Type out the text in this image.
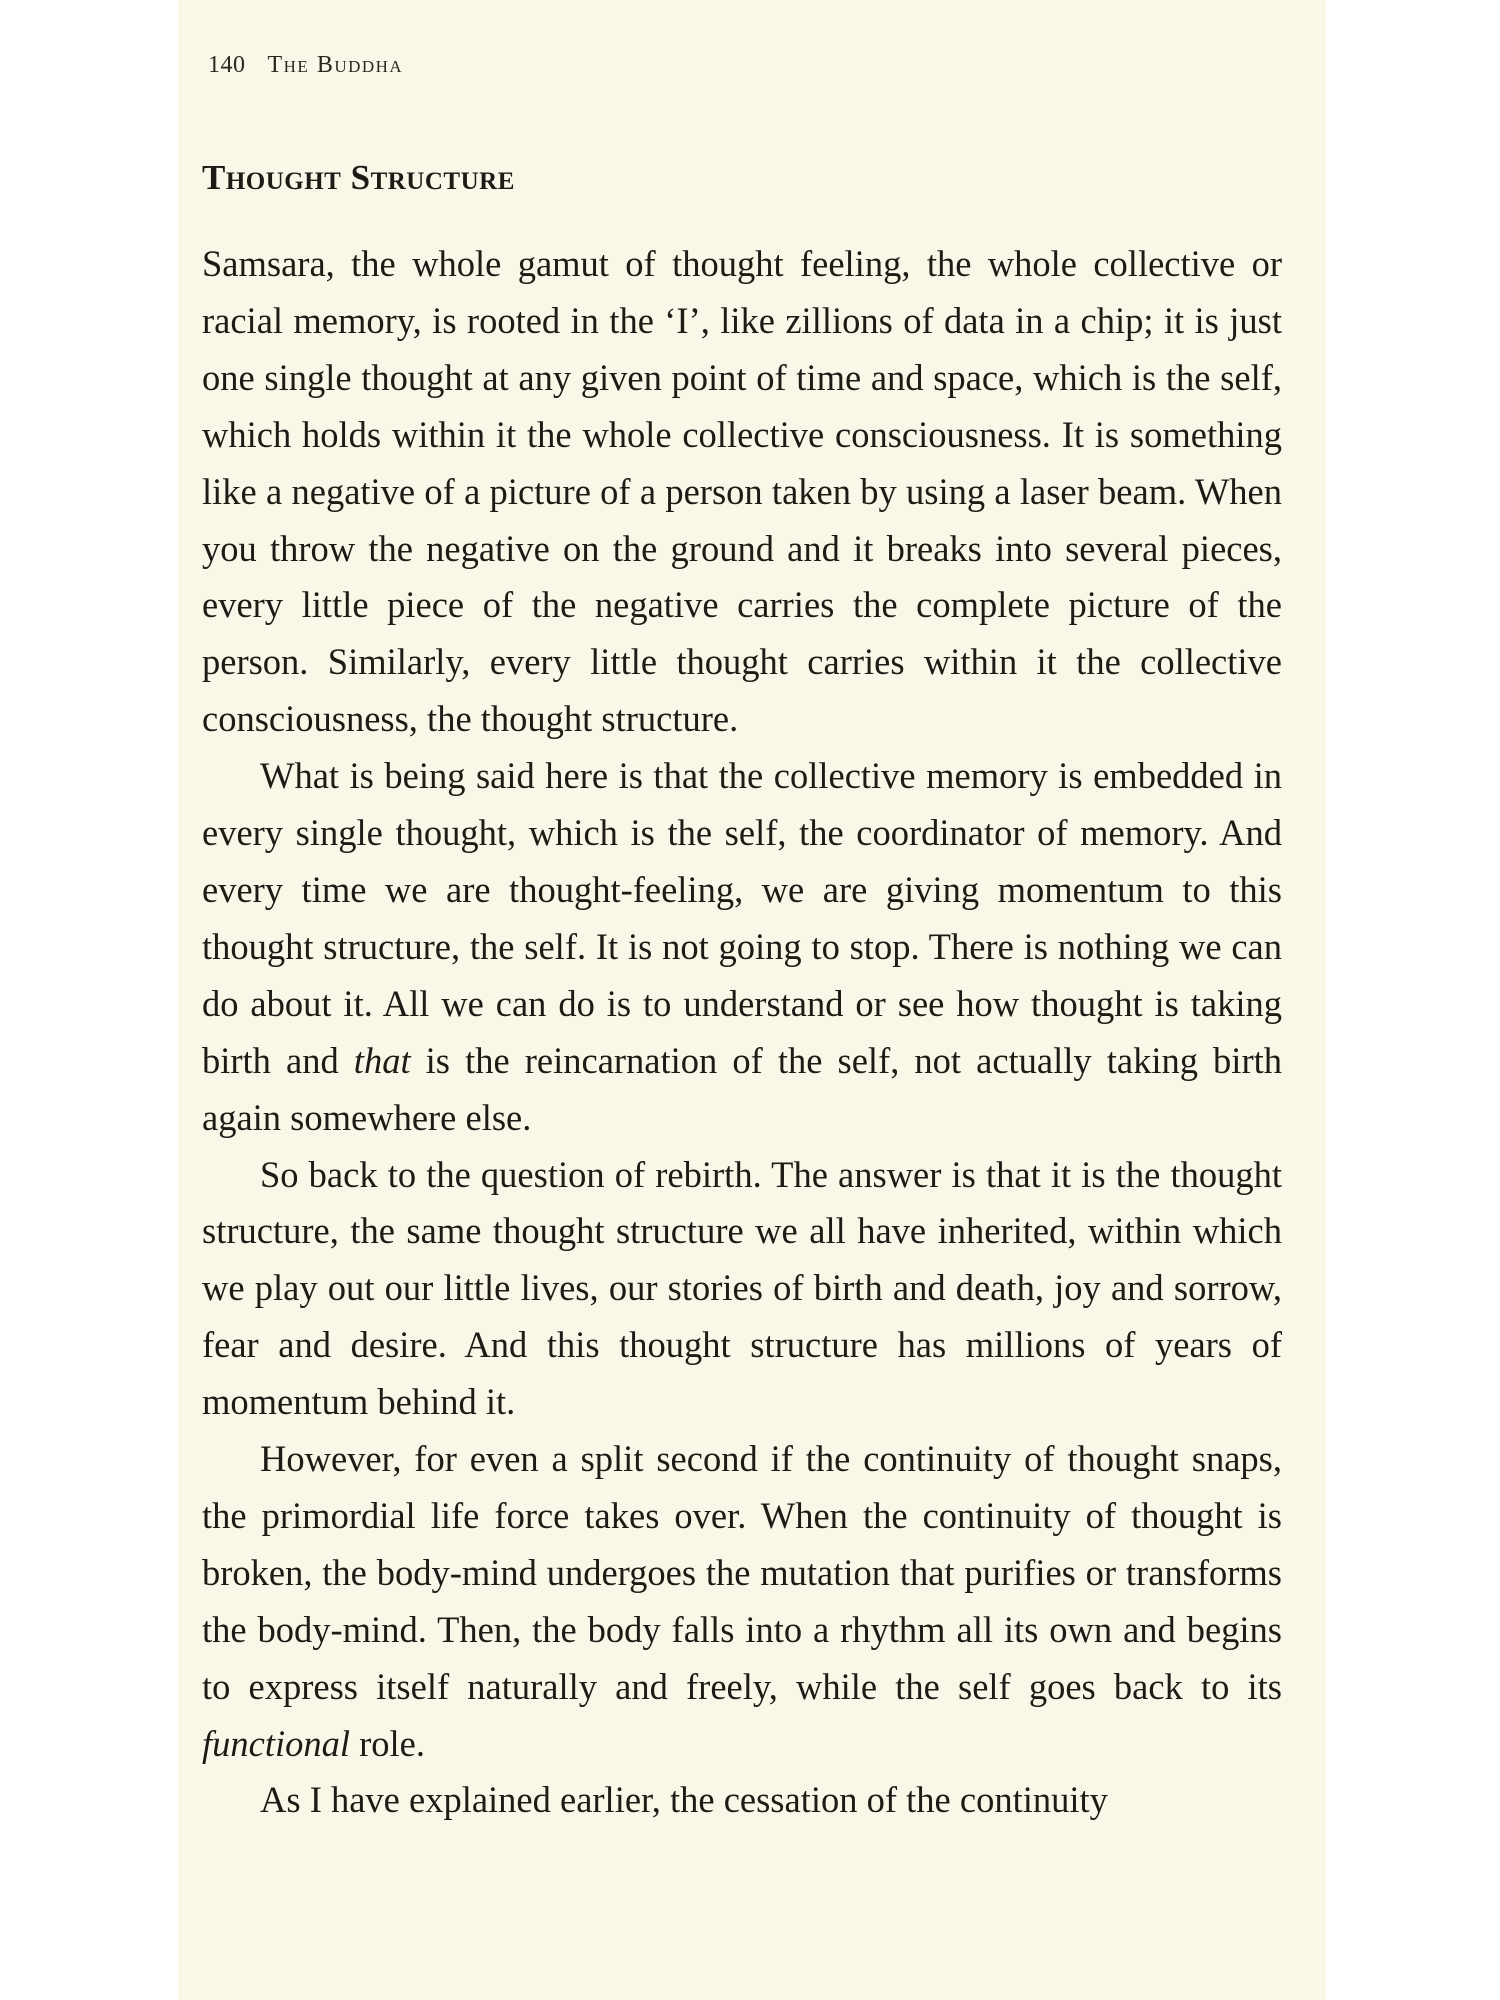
140 The Buddha
Thought Structure

Samsara, the whole gamut of thought feeling, the whole collective or racial memory, is rooted in the ‘I’, like zillions of data in a chip; it is just one single thought at any given point of time and space, which is the self, which holds within it the whole collective consciousness. It is something like a negative of a picture of a person taken by using a laser beam. When you throw the negative on the ground and it breaks into several pieces, every little piece of the negative carries the complete picture of the person. Similarly, every little thought carries within it the collective consciousness, the thought structure.

What is being said here is that the collective memory is embedded in every single thought, which is the self, the coordinator of memory. And every time we are thought-feeling, we are giving momentum to this thought structure, the self. It is not going to stop. There is nothing we can do about it. All we can do is to understand or see how thought is taking birth and that is the reincarnation of the self, not actually taking birth again somewhere else.

So back to the question of rebirth. The answer is that it is the thought structure, the same thought structure we all have inherited, within which we play out our little lives, our stories of birth and death, joy and sorrow, fear and desire. And this thought structure has millions of years of momentum behind it.

However, for even a split second if the continuity of thought snaps, the primordial life force takes over. When the continuity of thought is broken, the body-mind undergoes the mutation that purifies or transforms the body-mind. Then, the body falls into a rhythm all its own and begins to express itself naturally and freely, while the self goes back to its functional role.

As I have explained earlier, the cessation of the continuity
